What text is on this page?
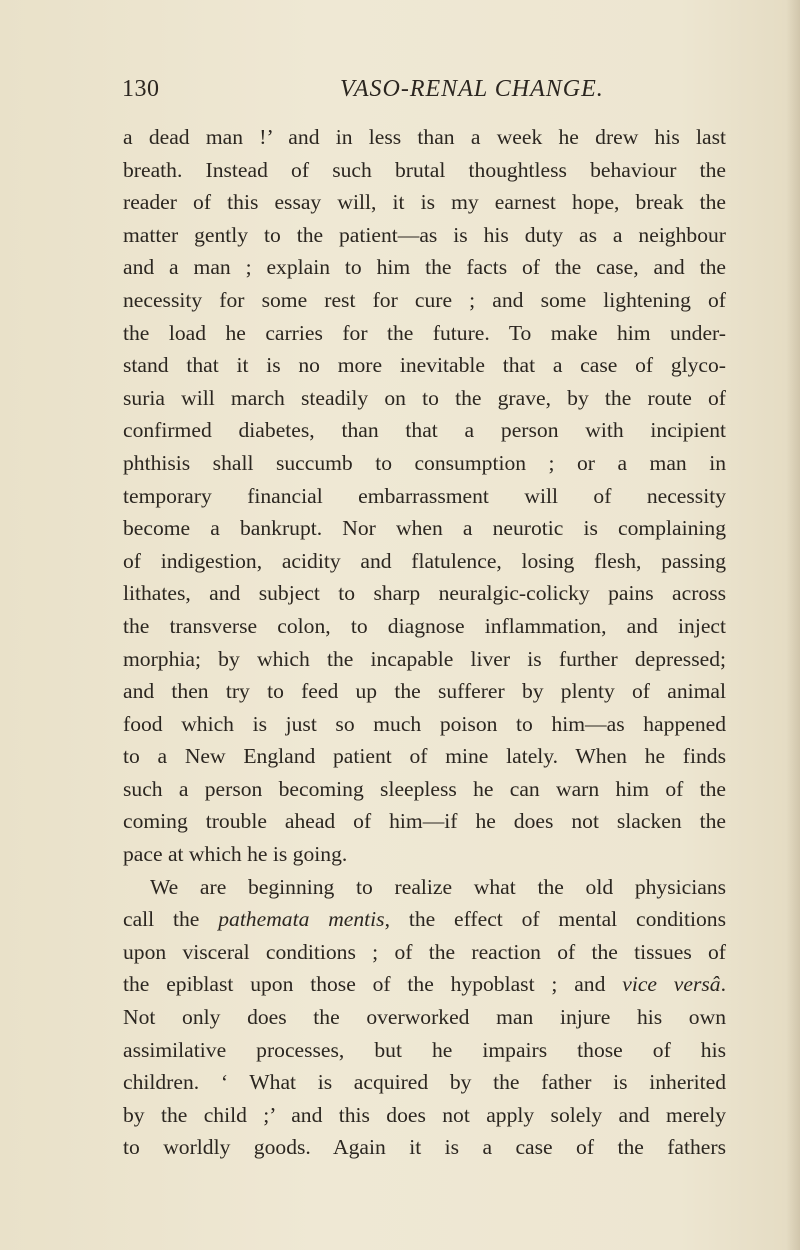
130	VASO-RENAL CHANGE.
a dead man !’ and in less than a week he drew his last
breath. Instead of such brutal thoughtless behaviour the
reader of this essay will, it is my earnest hope, break the
matter gently to the patient—as is his duty as a neighbour
and a man ; explain to him the facts of the case, and the
necessity for some rest for cure ; and some lightening of
the load he carries for the future. To make him under-
stand that it is no more inevitable that a case of glyco-
suria will march steadily on to the grave, by the route of
confirmed diabetes, than that a person with incipient
phthisis shall succumb to consumption ; or a man in
temporary financial embarrassment will of necessity
become a bankrupt. Nor when a neurotic is complaining
of indigestion, acidity and flatulence, losing flesh, passing
lithates, and subject to sharp neuralgic-colicky pains across
the transverse colon, to diagnose inflammation, and inject
morphia; by which the incapable liver is further depressed;
and then try to feed up the sufferer by plenty of animal
food which is just so much poison to him—as happened
to a New England patient of mine lately. When he finds
such a person becoming sleepless he can warn him of the
coming trouble ahead of him—if he does not slacken the
pace at which he is going.
We are beginning to realize what the old physicians
call the pathemata mentis, the effect of mental conditions
upon visceral conditions ; of the reaction of the tissues of
the epiblast upon those of the hypoblast ; and vice versâ.
Not only does the overworked man injure his own
assimilative processes, but he impairs those of his
children. ‘ What is acquired by the father is inherited
by the child ;’ and this does not apply solely and merely
to worldly goods. Again it is a case of the fathers
